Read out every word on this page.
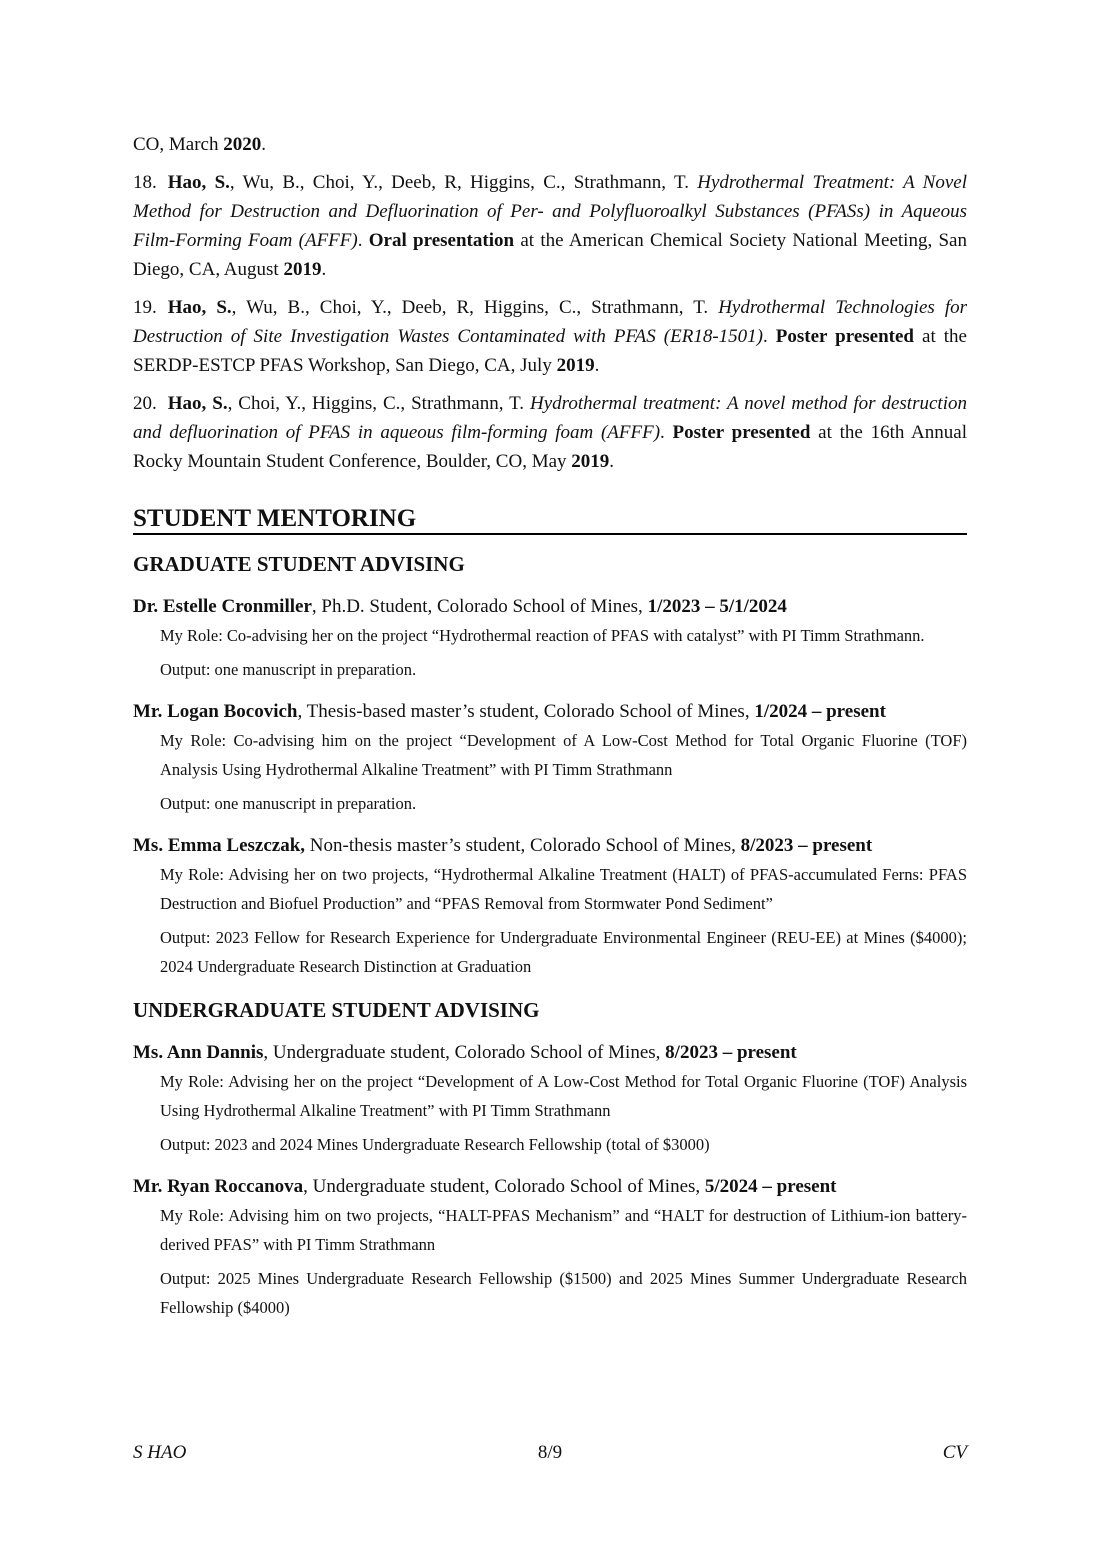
CO, March 2020.

18. Hao, S., Wu, B., Choi, Y., Deeb, R, Higgins, C., Strathmann, T. Hydrothermal Treatment: A Novel Method for Destruction and Defluorination of Per- and Polyfluoroalkyl Substances (PFASs) in Aqueous Film-Forming Foam (AFFF). Oral presentation at the American Chemical Society National Meeting, San Diego, CA, August 2019.

19. Hao, S., Wu, B., Choi, Y., Deeb, R, Higgins, C., Strathmann, T. Hydrothermal Technologies for Destruction of Site Investigation Wastes Contaminated with PFAS (ER18-1501). Poster presented at the SERDP-ESTCP PFAS Workshop, San Diego, CA, July 2019.

20. Hao, S., Choi, Y., Higgins, C., Strathmann, T. Hydrothermal treatment: A novel method for destruction and defluorination of PFAS in aqueous film-forming foam (AFFF). Poster presented at the 16th Annual Rocky Mountain Student Conference, Boulder, CO, May 2019.

STUDENT MENTORING
GRADUATE STUDENT ADVISING

Dr. Estelle Cronmiller, Ph.D. Student, Colorado School of Mines, 1/2023 – 5/1/2024

My Role: Co-advising her on the project “Hydrothermal reaction of PFAS with catalyst” with PI Timm Strathmann.

Output: one manuscript in preparation.

Mr. Logan Bocovich, Thesis-based master’s student, Colorado School of Mines, 1/2024 – present

My Role: Co-advising him on the project “Development of A Low-Cost Method for Total Organic Fluorine (TOF) Analysis Using Hydrothermal Alkaline Treatment” with PI Timm Strathmann

Output: one manuscript in preparation.

Ms. Emma Leszczak, Non-thesis master’s student, Colorado School of Mines, 8/2023 – present

My Role: Advising her on two projects, “Hydrothermal Alkaline Treatment (HALT) of PFAS-accumulated Ferns: PFAS Destruction and Biofuel Production” and “PFAS Removal from Stormwater Pond Sediment”

Output: 2023 Fellow for Research Experience for Undergraduate Environmental Engineer (REU-EE) at Mines ($4000); 2024 Undergraduate Research Distinction at Graduation

UNDERGRADUATE STUDENT ADVISING

Ms. Ann Dannis, Undergraduate student, Colorado School of Mines, 8/2023 – present

My Role: Advising her on the project “Development of A Low-Cost Method for Total Organic Fluorine (TOF) Analysis Using Hydrothermal Alkaline Treatment” with PI Timm Strathmann

Output: 2023 and 2024 Mines Undergraduate Research Fellowship (total of $3000)

Mr. Ryan Roccanova, Undergraduate student, Colorado School of Mines, 5/2024 – present

My Role: Advising him on two projects, “HALT-PFAS Mechanism” and “HALT for destruction of Lithium-ion battery-derived PFAS” with PI Timm Strathmann

Output: 2025 Mines Undergraduate Research Fellowship ($1500) and 2025 Mines Summer Undergraduate Research Fellowship ($4000)

S HAO	8/9	CV
